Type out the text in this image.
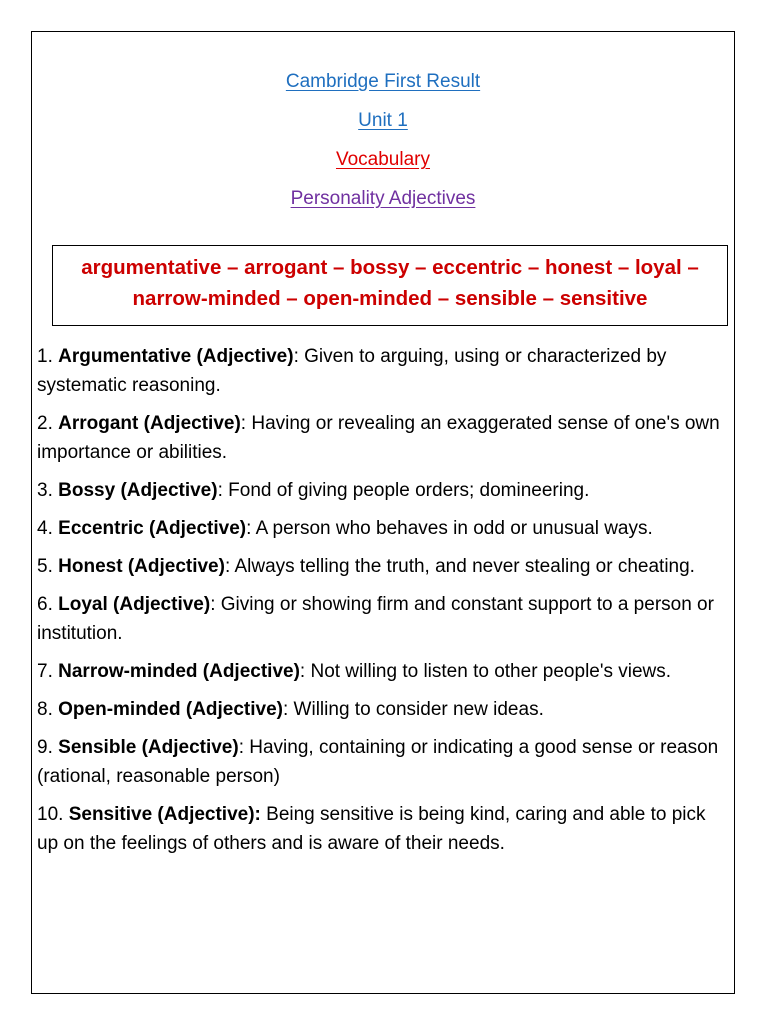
Cambridge First Result
Unit 1
Vocabulary
Personality Adjectives
argumentative – arrogant – bossy – eccentric – honest – loyal – narrow-minded – open-minded – sensible – sensitive

1. Argumentative (Adjective): Given to arguing, using or characterized by systematic reasoning.

2. Arrogant (Adjective): Having or revealing an exaggerated sense of one's own importance or abilities.

3. Bossy (Adjective): Fond of giving people orders; domineering.

4. Eccentric (Adjective): A person who behaves in odd or unusual ways.

5. Honest (Adjective): Always telling the truth, and never stealing or cheating.

6. Loyal (Adjective): Giving or showing firm and constant support to a person or institution.

7. Narrow-minded (Adjective): Not willing to listen to other people's views.

8. Open-minded (Adjective): Willing to consider new ideas.

9. Sensible (Adjective): Having, containing or indicating a good sense or reason (rational, reasonable person)

10. Sensitive (Adjective): Being sensitive is being kind, caring and able to pick up on the feelings of others and is aware of their needs.
